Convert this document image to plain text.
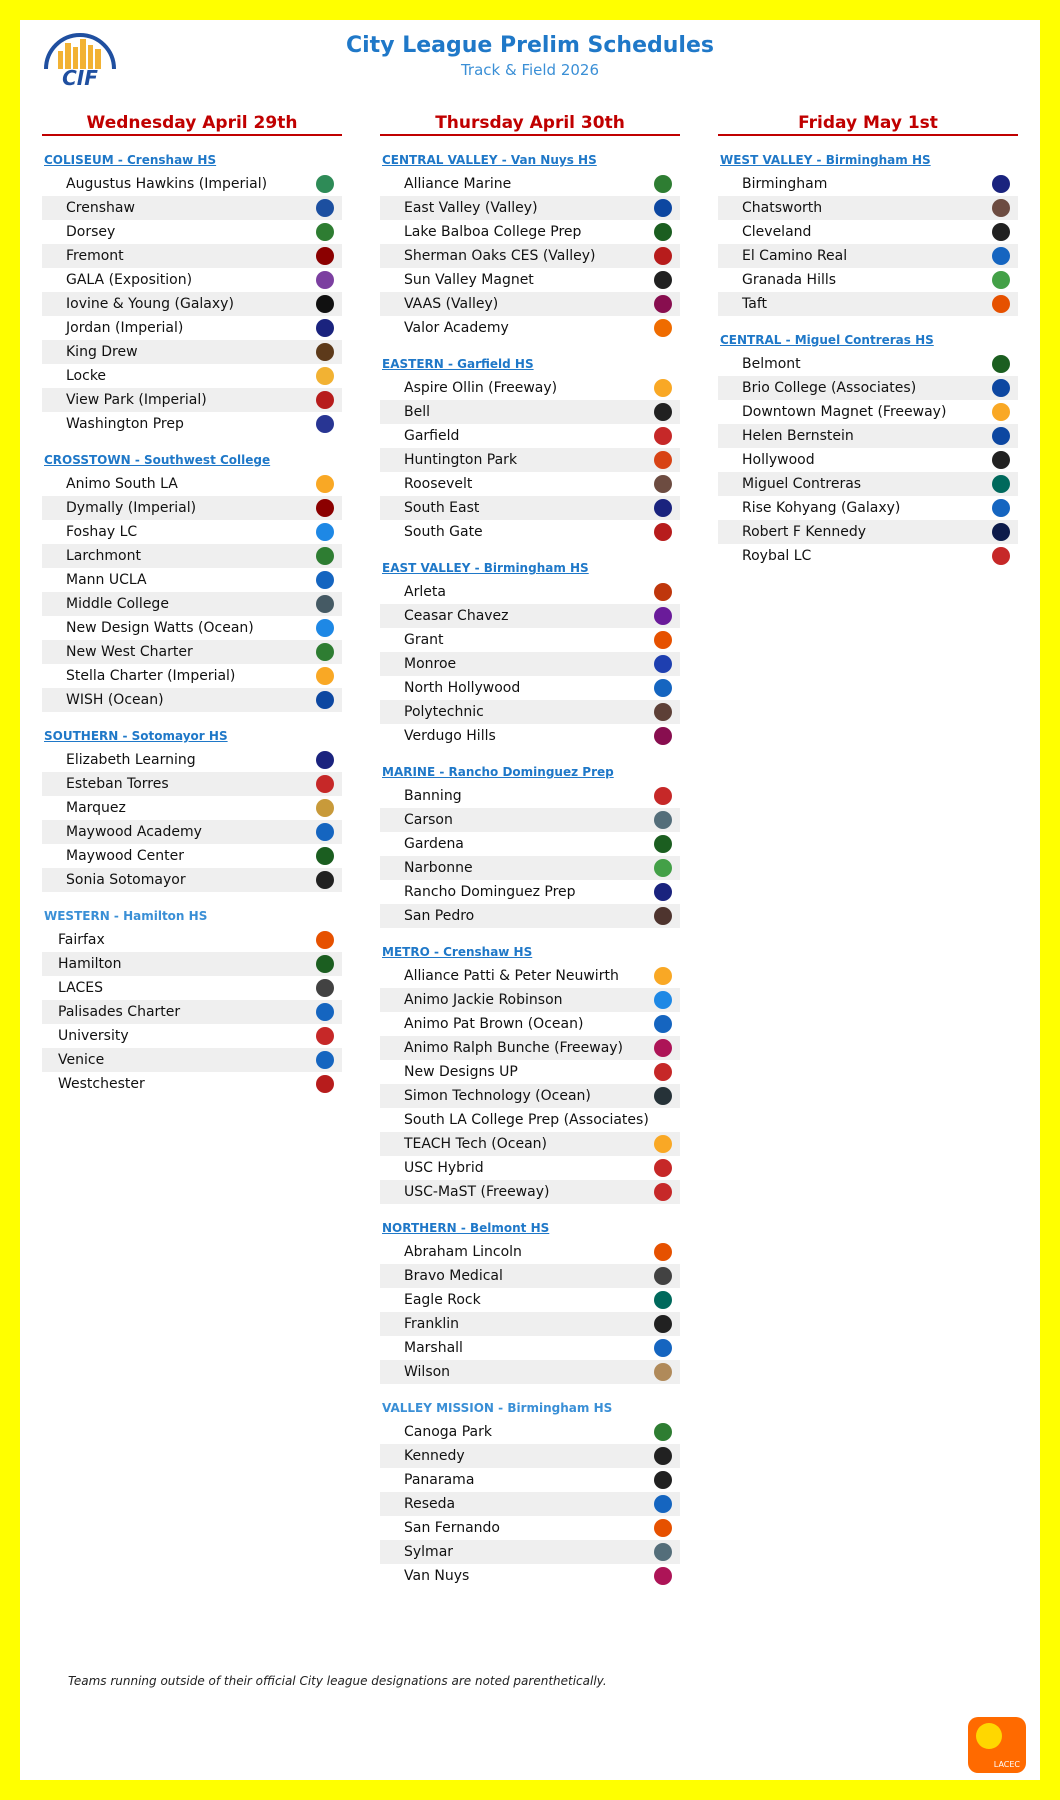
CIF
City League Prelim Schedules
Track & Field 2026
Wednesday April 29th
COLISEUM - Crenshaw HS
Augustus Hawkins (Imperial)
Crenshaw
Dorsey
Fremont
GALA (Exposition)
Iovine & Young (Galaxy)
Jordan (Imperial)
King Drew
Locke
View Park (Imperial)
Washington Prep
CROSSTOWN - Southwest College
Animo South LA
Dymally (Imperial)
Foshay LC
Larchmont
Mann UCLA
Middle College
New Design Watts (Ocean)
New West Charter
Stella Charter (Imperial)
WISH (Ocean)
SOUTHERN - Sotomayor HS
Elizabeth Learning
Esteban Torres
Marquez
Maywood Academy
Maywood Center
Sonia Sotomayor
WESTERN - Hamilton HS
Fairfax
Hamilton
LACES
Palisades Charter
University
Venice
Westchester
Thursday April 30th
CENTRAL VALLEY - Van Nuys HS
Alliance Marine
East Valley (Valley)
Lake Balboa College Prep
Sherman Oaks CES (Valley)
Sun Valley Magnet
VAAS (Valley)
Valor Academy
EASTERN - Garfield HS
Aspire Ollin (Freeway)
Bell
Garfield
Huntington Park
Roosevelt
South East
South Gate
EAST VALLEY - Birmingham HS
Arleta
Ceasar Chavez
Grant
Monroe
North Hollywood
Polytechnic
Verdugo Hills
MARINE - Rancho Dominguez Prep
Banning
Carson
Gardena
Narbonne
Rancho Dominguez Prep
San Pedro
METRO - Crenshaw HS
Alliance Patti & Peter Neuwirth
Animo Jackie Robinson
Animo Pat Brown (Ocean)
Animo Ralph Bunche (Freeway)
New Designs UP
Simon Technology (Ocean)
South LA College Prep (Associates)
TEACH Tech (Ocean)
USC Hybrid
USC-MaST (Freeway)
NORTHERN - Belmont HS
Abraham Lincoln
Bravo Medical
Eagle Rock
Franklin
Marshall
Wilson
VALLEY MISSION - Birmingham HS
Canoga Park
Kennedy
Panarama
Reseda
San Fernando
Sylmar
Van Nuys
Friday May 1st
WEST VALLEY - Birmingham HS
Birmingham
Chatsworth
Cleveland
El Camino Real
Granada Hills
Taft
CENTRAL - Miguel Contreras HS
Belmont
Brio College (Associates)
Downtown Magnet (Freeway)
Helen Bernstein
Hollywood
Miguel Contreras
Rise Kohyang (Galaxy)
Robert F Kennedy
Roybal LC
Teams running outside of their official City league designations are noted parenthetically.
LACEC
